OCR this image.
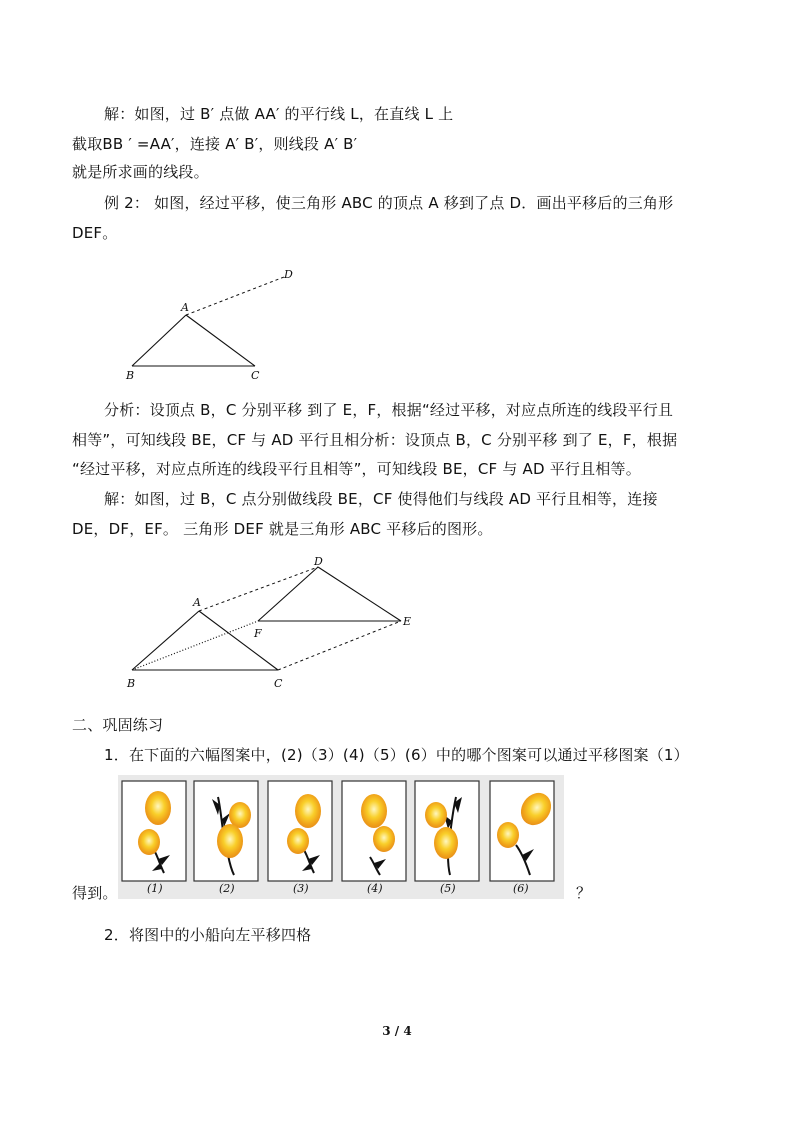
解：如图，过 B′ 点做 AA′ 的平行线 L，在直线 L 上
截取BB ′ =AA′，连接 A′ B′，则线段 A′ B′
就是所求画的线段。
例 2： 如图，经过平移，使三角形 ABC 的顶点 A 移到了点 D．画出平移后的三角形
DEF。
A
B	C
D
分析：设顶点 B，C 分别平移 到了 E，F，根据“经过平移，对应点所连的线段平行且
相等”，可知线段 BE，CF 与 AD 平行且相分析：设顶点 B，C 分别平移 到了 E，F，根据
“经过平移，对应点所连的线段平行且相等”，可知线段 BE，CF 与 AD 平行且相等。
解：如图，过 B，C 点分别做线段 BE，CF 使得他们与线段 AD 平行且相等，连接
DE，DF，EF。 三角形 DEF 就是三角形 ABC 平移后的图形。
A
B	C
D
E
F
二、巩固练习
1．在下面的六幅图案中，(2)（3）(4)（5）(6）中的哪个图案可以通过平移图案（1）
得到。	？
(1)	(2)	(3)	(4)	(5)	(6)
2．将图中的小船向左平移四格
3 / 4
